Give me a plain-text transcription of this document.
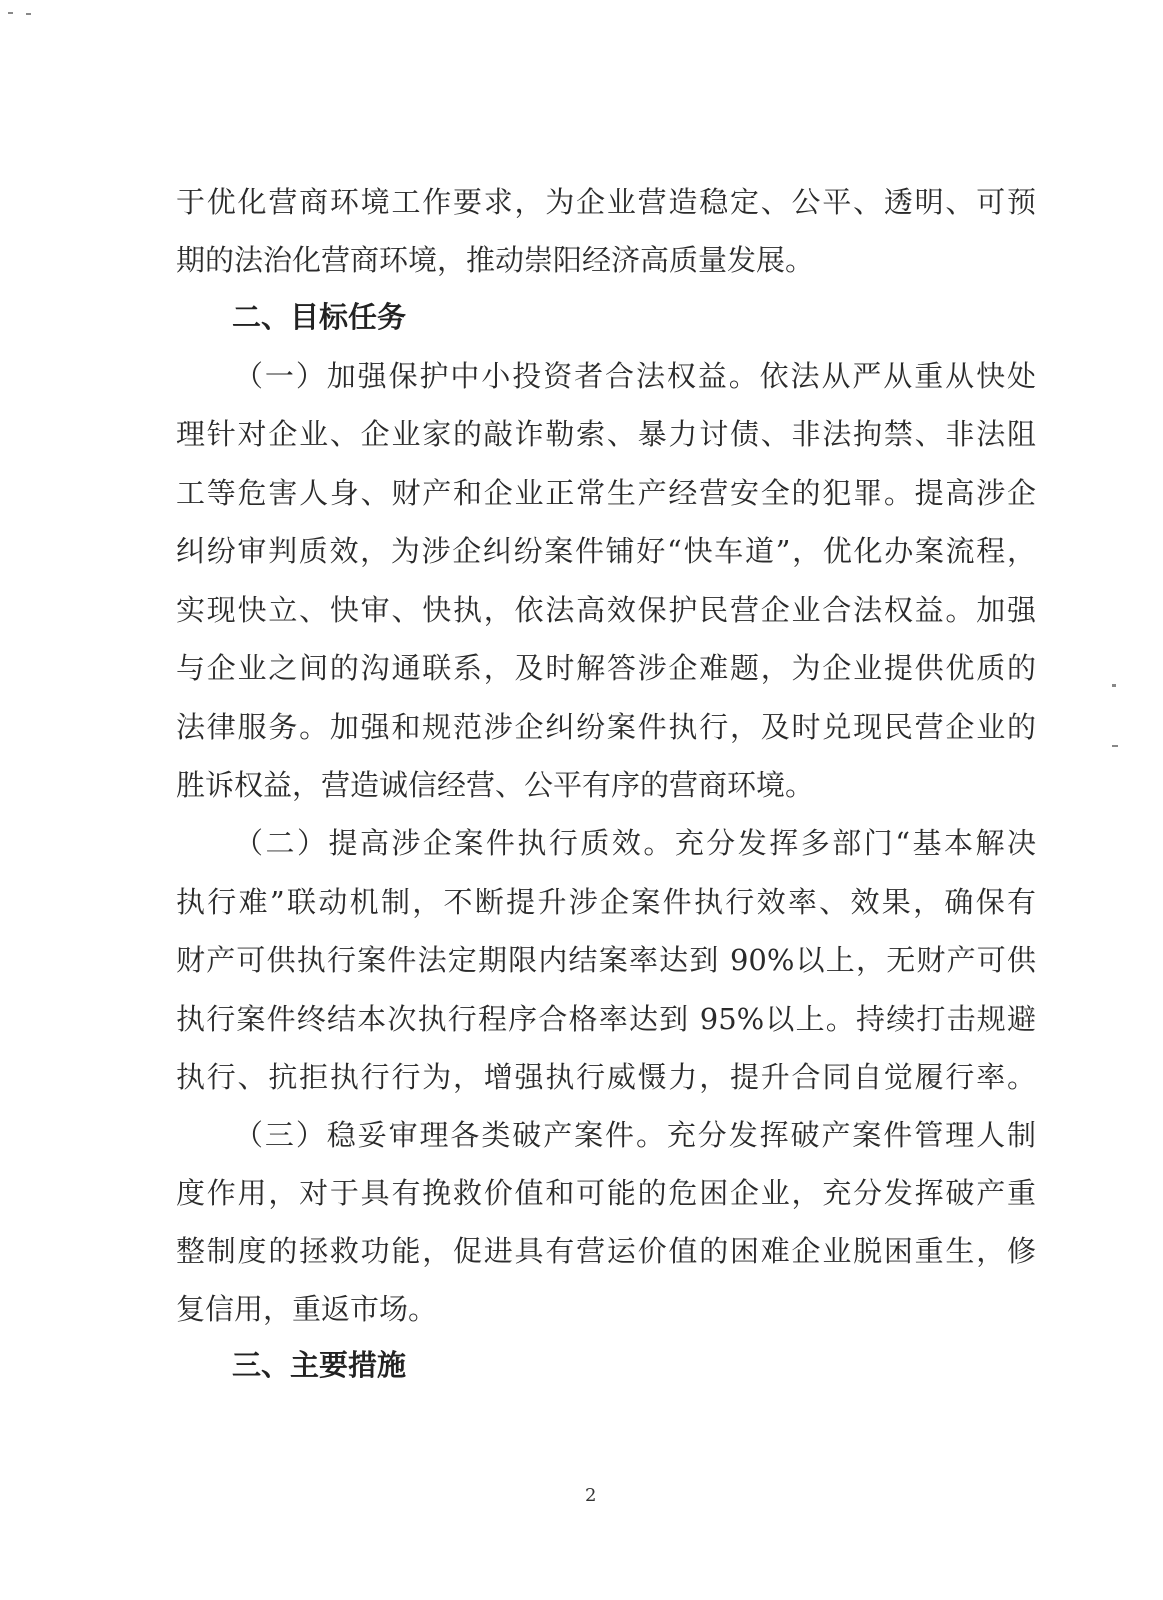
于优化营商环境工作要求，为企业营造稳定、公平、透明、可预
期的法治化营商环境，推动崇阳经济高质量发展。
二、目标任务
（一）加强保护中小投资者合法权益。依法从严从重从快处
理针对企业、企业家的敲诈勒索、暴力讨债、非法拘禁、非法阻
工等危害人身、财产和企业正常生产经营安全的犯罪。提高涉企
纠纷审判质效，为涉企纠纷案件铺好“快车道”，优化办案流程，
实现快立、快审、快执，依法高效保护民营企业合法权益。加强
与企业之间的沟通联系，及时解答涉企难题，为企业提供优质的
法律服务。加强和规范涉企纠纷案件执行，及时兑现民营企业的
胜诉权益，营造诚信经营、公平有序的营商环境。
（二）提高涉企案件执行质效。充分发挥多部门“基本解决
执行难”联动机制，不断提升涉企案件执行效率、效果，确保有
财产可供执行案件法定期限内结案率达到 90%以上，无财产可供
执行案件终结本次执行程序合格率达到 95%以上。持续打击规避
执行、抗拒执行行为，增强执行威慑力，提升合同自觉履行率。
（三）稳妥审理各类破产案件。充分发挥破产案件管理人制
度作用，对于具有挽救价值和可能的危困企业，充分发挥破产重
整制度的拯救功能，促进具有营运价值的困难企业脱困重生，修
复信用，重返市场。
三、主要措施
2
